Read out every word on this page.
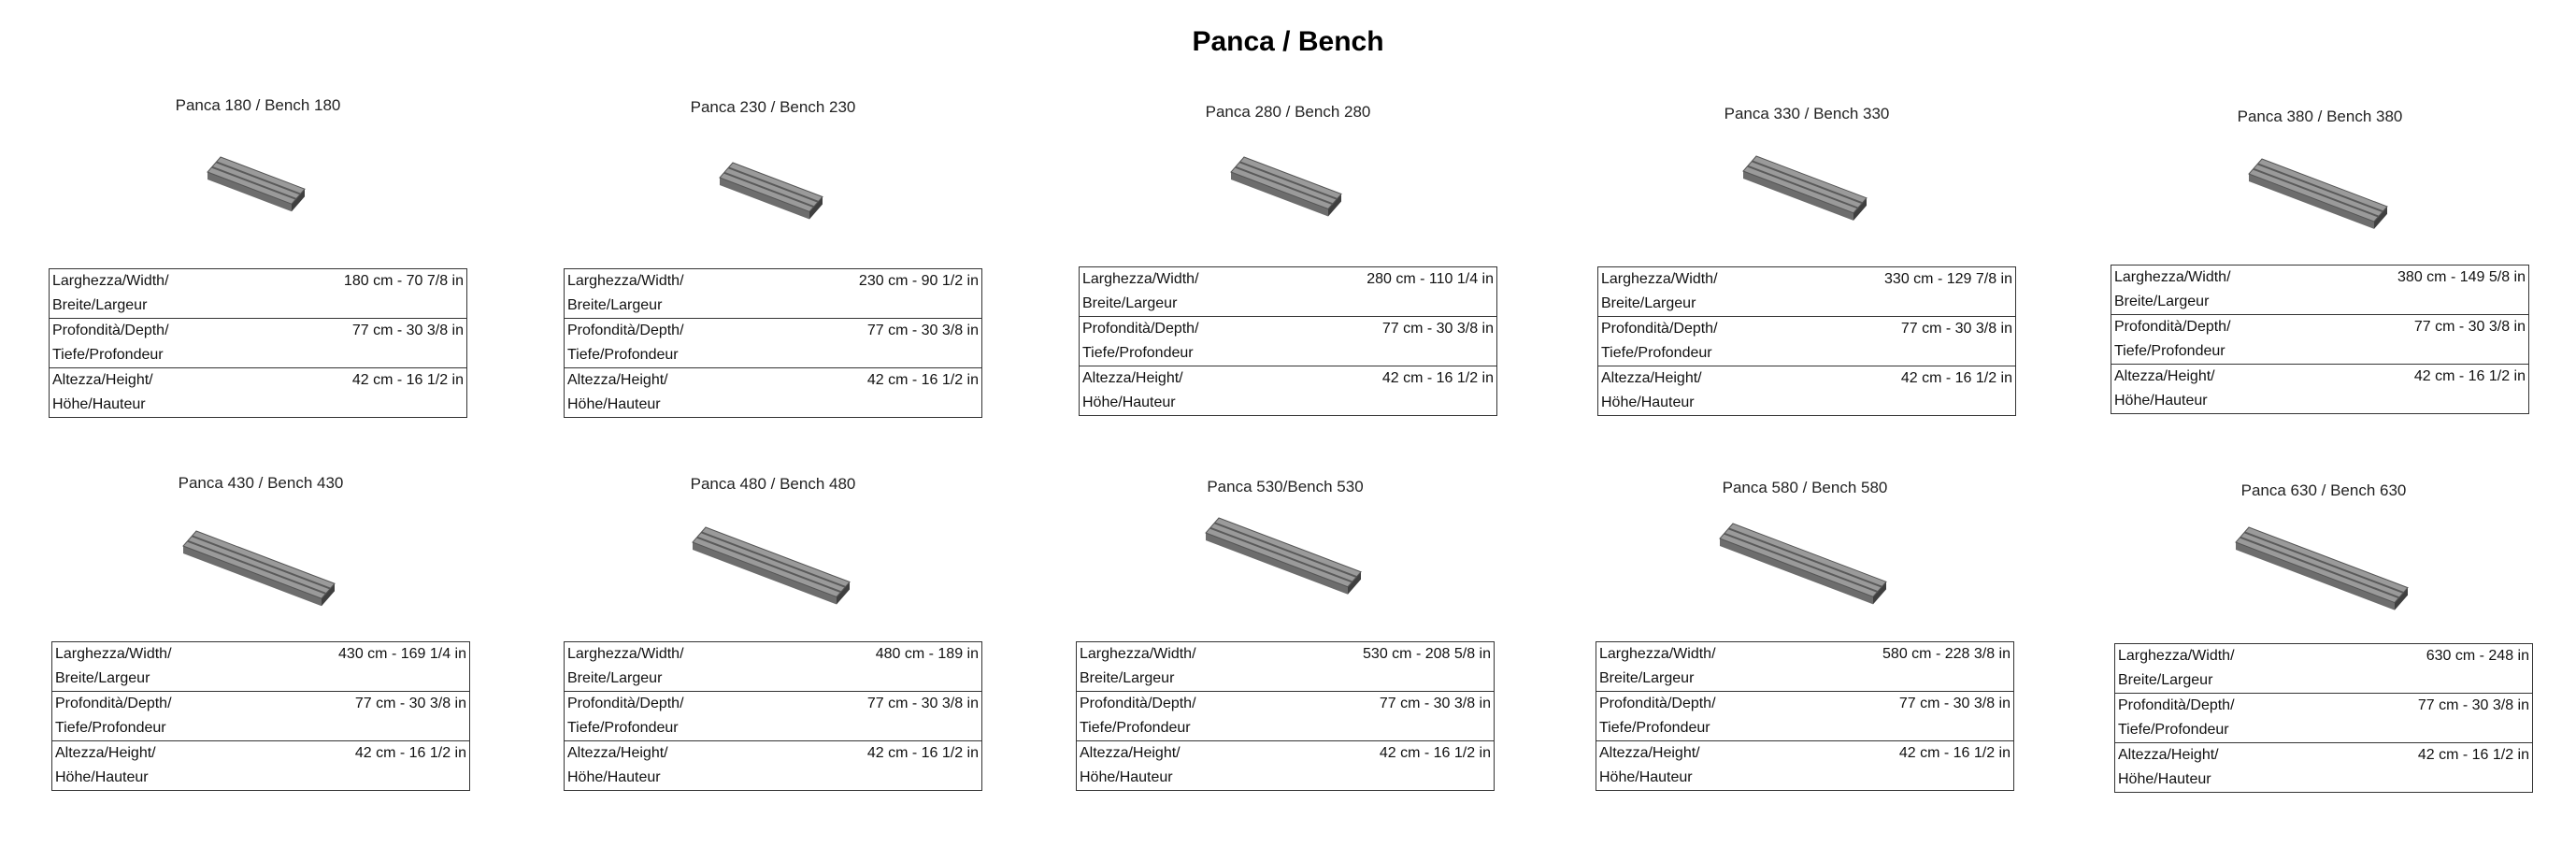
Panca / Bench
Panca 180 / Bench 180
Larghezza/Width/
Breite/Largeur	180 cm - 70 7/8 in

Profondità/Depth/
Tiefe/Profondeur	77 cm - 30 3/8 in

Altezza/Height/
Höhe/Hauteur	42 cm - 16 1/2 in
Panca 230 / Bench 230
Larghezza/Width/
Breite/Largeur	230 cm - 90 1/2 in

Profondità/Depth/
Tiefe/Profondeur	77 cm - 30 3/8 in

Altezza/Height/
Höhe/Hauteur	42 cm - 16 1/2 in
Panca 280 / Bench 280
Larghezza/Width/
Breite/Largeur	280 cm - 110 1/4 in

Profondità/Depth/
Tiefe/Profondeur	77 cm - 30 3/8 in

Altezza/Height/
Höhe/Hauteur	42 cm - 16 1/2 in
Panca 330 / Bench 330
Larghezza/Width/
Breite/Largeur	330 cm - 129 7/8 in

Profondità/Depth/
Tiefe/Profondeur	77 cm - 30 3/8 in

Altezza/Height/
Höhe/Hauteur	42 cm - 16 1/2 in
Panca 380 / Bench 380
Larghezza/Width/
Breite/Largeur	380 cm - 149 5/8 in

Profondità/Depth/
Tiefe/Profondeur	77 cm - 30 3/8 in

Altezza/Height/
Höhe/Hauteur	42 cm - 16 1/2 in
Panca 430 / Bench 430
Larghezza/Width/
Breite/Largeur	430 cm - 169 1/4 in

Profondità/Depth/
Tiefe/Profondeur	77 cm - 30 3/8 in

Altezza/Height/
Höhe/Hauteur	42 cm - 16 1/2 in
Panca 480 / Bench 480
Larghezza/Width/
Breite/Largeur	480 cm - 189 in

Profondità/Depth/
Tiefe/Profondeur	77 cm - 30 3/8 in

Altezza/Height/
Höhe/Hauteur	42 cm - 16 1/2 in
Panca 530/Bench 530
Larghezza/Width/
Breite/Largeur	530 cm - 208 5/8 in

Profondità/Depth/
Tiefe/Profondeur	77 cm - 30 3/8 in

Altezza/Height/
Höhe/Hauteur	42 cm - 16 1/2 in
Panca 580 / Bench 580
Larghezza/Width/
Breite/Largeur	580 cm - 228 3/8 in

Profondità/Depth/
Tiefe/Profondeur	77 cm - 30 3/8 in

Altezza/Height/
Höhe/Hauteur	42 cm - 16 1/2 in
Panca 630 / Bench 630
Larghezza/Width/
Breite/Largeur	630 cm - 248 in

Profondità/Depth/
Tiefe/Profondeur	77 cm - 30 3/8 in

Altezza/Height/
Höhe/Hauteur	42 cm - 16 1/2 in
